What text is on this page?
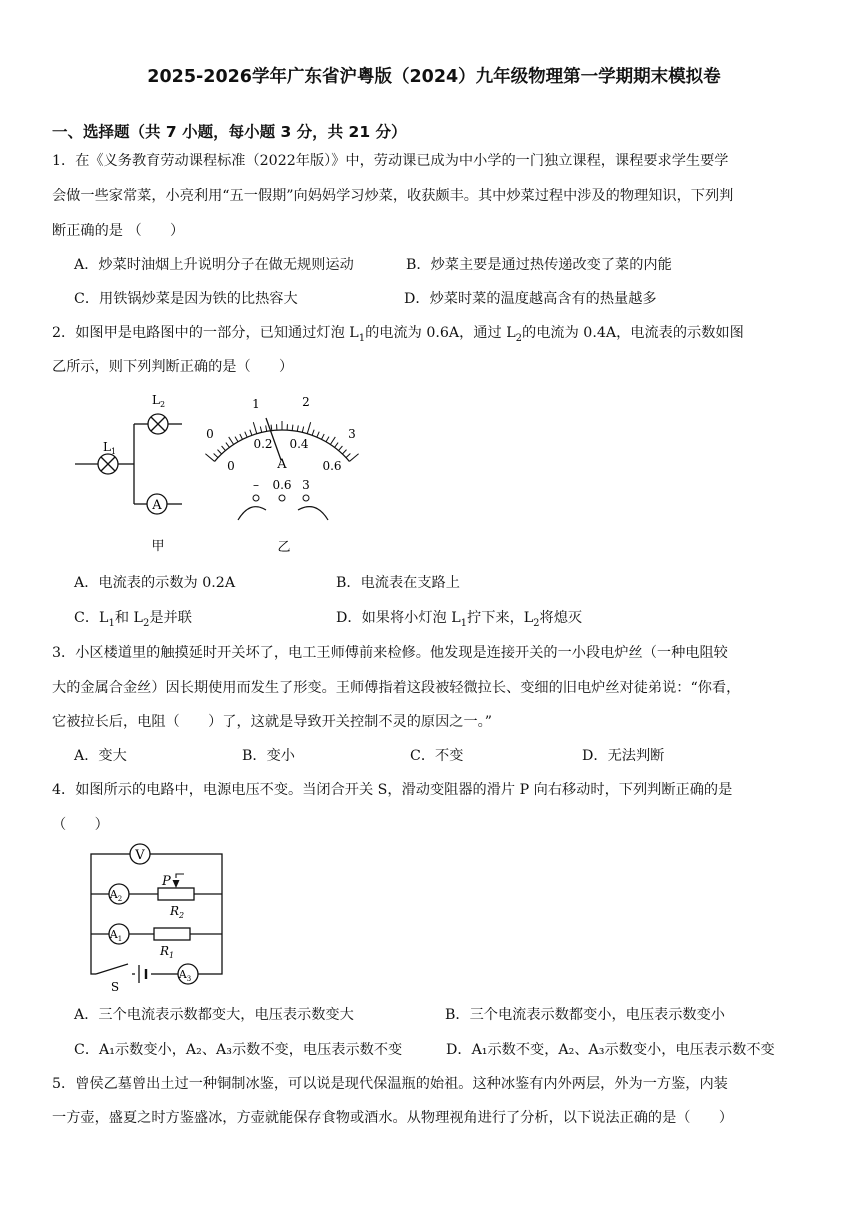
2025-2026学年广东省沪粤版（2024）九年级物理第一学期期末模拟卷
一、选择题（共 7 小题，每小题 3 分，共 21 分）
1．在《义务教育劳动课程标准（2022年版）》中，劳动课已成为中小学的一门独立课程，课程要求学生要学
会做一些家常菜，小亮利用“五一假期”向妈妈学习炒菜，收获颇丰。其中炒菜过程中涉及的物理知识，下列判
断正确的是 （　　）
A．炒菜时油烟上升说明分子在做无规则运动	B．炒菜主要是通过热传递改变了菜的内能
C．用铁锅炒菜是因为铁的比热容大	D．炒菜时菜的温度越高含有的热量越多
2．如图甲是电路图中的一部分，已知通过灯泡 $L_1$的电流为 0.6A，通过 $L_2$的电流为 0.4A，电流表的示数如图
乙所示，则下列判断正确的是（　　）
A
$L_1$
$L_2$
甲
0
1	2
3
0
0.2 0.4
0.6
A
– 0.6 3
乙
A．电流表的示数为 0.2A	B．电流表在支路上
C．$L_1$和 $L_2$是并联	D．如果将小灯泡 $L_1$拧下来，$L_2$将熄灭
3．小区楼道里的触摸延时开关坏了，电工王师傅前来检修。他发现是连接开关的一小段电炉丝（一种电阻较
大的金属合金丝）因长期使用而发生了形变。王师傅指着这段被轻微拉长、变细的旧电炉丝对徒弟说：“你看，
它被拉长后，电阻（　　）了，这就是导致开关控制不灵的原因之一。”
A．变大	B．变小	C．不变	D．无法判断
4．如图所示的电路中，电源电压不变。当闭合开关 S，滑动变阻器的滑片 P 向右移动时，下列判断正确的是
（　　）
V
$A_2$
P
$R_2$
$A_1$
$R_1$
$A_3$
S
A．三个电流表示数都变大，电压表示数变大	B．三个电流表示数都变小，电压表示数变小
C．A₁示数变小，A₂、A₃示数不变，电压表示数不变	D．A₁示数不变，A₂、A₃示数变小，电压表示数不变
5．曾侯乙墓曾出土过一种铜制冰鉴，可以说是现代保温瓶的始祖。这种冰鉴有内外两层，外为一方鉴，内装
一方壶，盛夏之时方鉴盛冰，方壶就能保存食物或酒水。从物理视角进行了分析，以下说法正确的是（　　）
